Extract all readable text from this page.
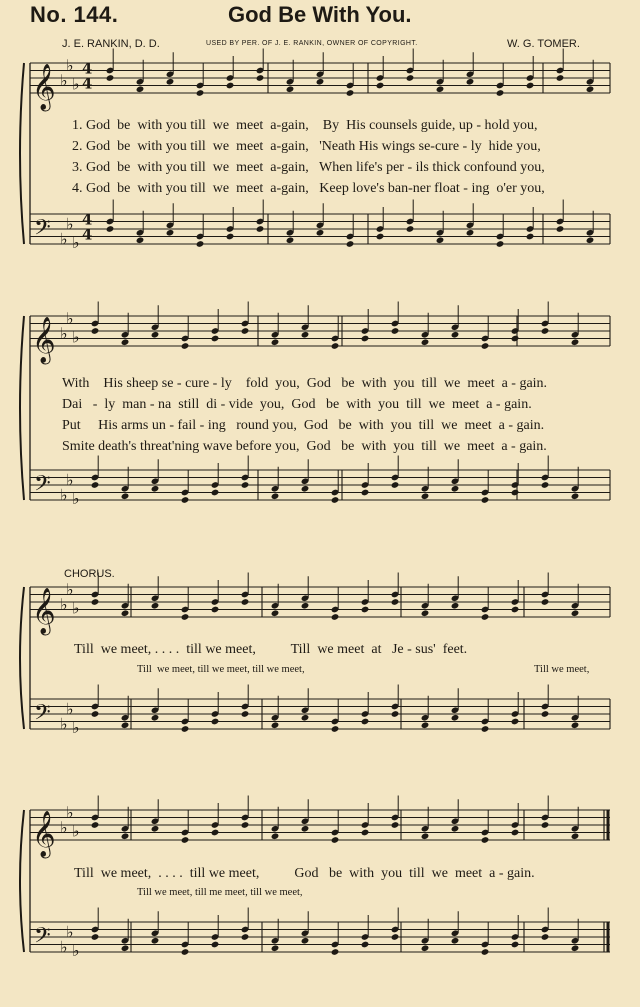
No. 144.	God Be With You.
J. E. RANKIN, D. D.	USED BY PER. OF J. E. RANKIN, OWNER OF COPYRIGHT.	W. G. TOMER.
𝄞
𝄢
♭
♭
♭
♭
♭
♭
4
4
4
4
𝄞
𝄢
♭
♭
♭
♭
♭
♭
𝄞
𝄢
♭
♭
♭
♭
♭
♭
𝄞
𝄢
♭
♭
♭
♭
♭
♭
1. God  be  with you till  we  meet  a-gain,    By  His counsels guide, up - hold you,
2. God  be  with you till  we  meet  a-gain,   'Neath His wings se-cure - ly  hide you,
3. God  be  with you till  we  meet  a-gain,   When life's per - ils thick confound you,
4. God  be  with you till  we  meet  a-gain,   Keep love's ban-ner float - ing  o'er you,
With    His sheep se - cure - ly    fold  you,  God   be  with  you  till  we  meet  a - gain.
Dai   -  ly  man - na  still  di - vide  you,  God   be  with  you  till  we  meet  a - gain.
Put     His arms un - fail - ing   round you,  God   be  with  you  till  we  meet  a - gain.
Smite death's threat'ning wave before you,  God   be  with  you  till  we  meet  a - gain.
CHORUS.
Till  we meet, . . . .  till we meet,          Till  we meet  at   Je - sus'  feet.
Till  we meet, till we meet, till we meet,	Till we meet,
Till  we meet,  . . . .  till we meet,          God   be  with  you  till  we  meet  a - gain.
Till we meet, till me meet, till we meet,
